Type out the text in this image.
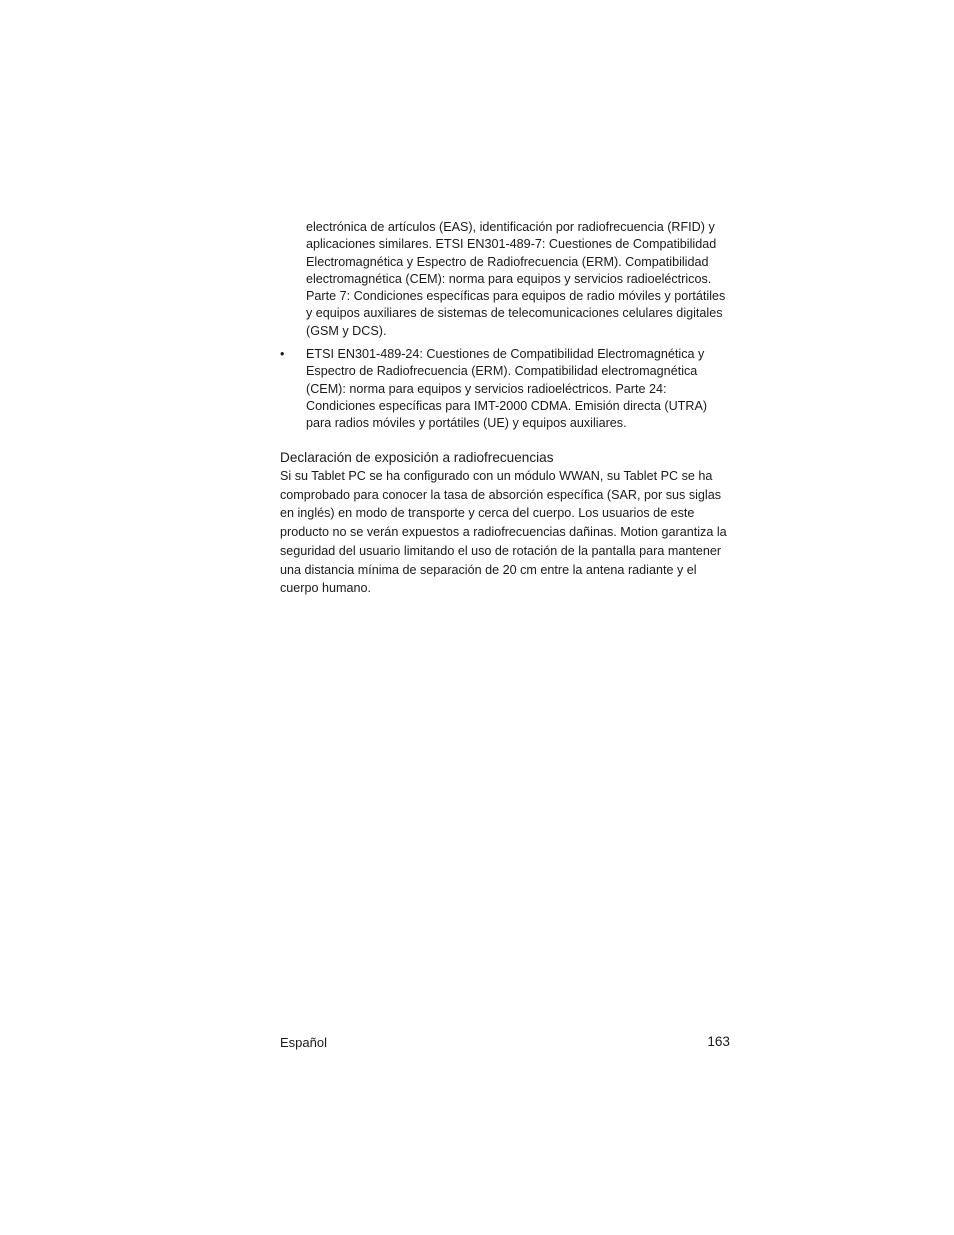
electrónica de artículos (EAS), identificación por radiofrecuencia (RFID) y aplicaciones similares. ETSI EN301-489-7: Cuestiones de Compatibilidad Electromagnética y Espectro de Radiofrecuencia (ERM). Compatibilidad electromagnética (CEM): norma para equipos y servicios radioeléctricos. Parte 7: Condiciones específicas para equipos de radio móviles y portátiles y equipos auxiliares de sistemas de telecomunicaciones celulares digitales (GSM y DCS).

•	ETSI EN301-489-24: Cuestiones de Compatibilidad Electromagnética y Espectro de Radiofrecuencia (ERM). Compatibilidad electromagnética (CEM): norma para equipos y servicios radioeléctricos. Parte 24: Condiciones específicas para IMT-2000 CDMA. Emisión directa (UTRA) para radios móviles y portátiles (UE) y equipos auxiliares.
Declaración de exposición a radiofrecuencias

Si su Tablet PC se ha configurado con un módulo WWAN, su Tablet PC se ha comprobado para conocer la tasa de absorción específica (SAR, por sus siglas en inglés) en modo de transporte y cerca del cuerpo. Los usuarios de este producto no se verán expuestos a radiofrecuencias dañinas. Motion garantiza la seguridad del usuario limitando el uso de rotación de la pantalla para mantener una distancia mínima de separación de 20 cm entre la antena radiante y el cuerpo humano.

Español	163
